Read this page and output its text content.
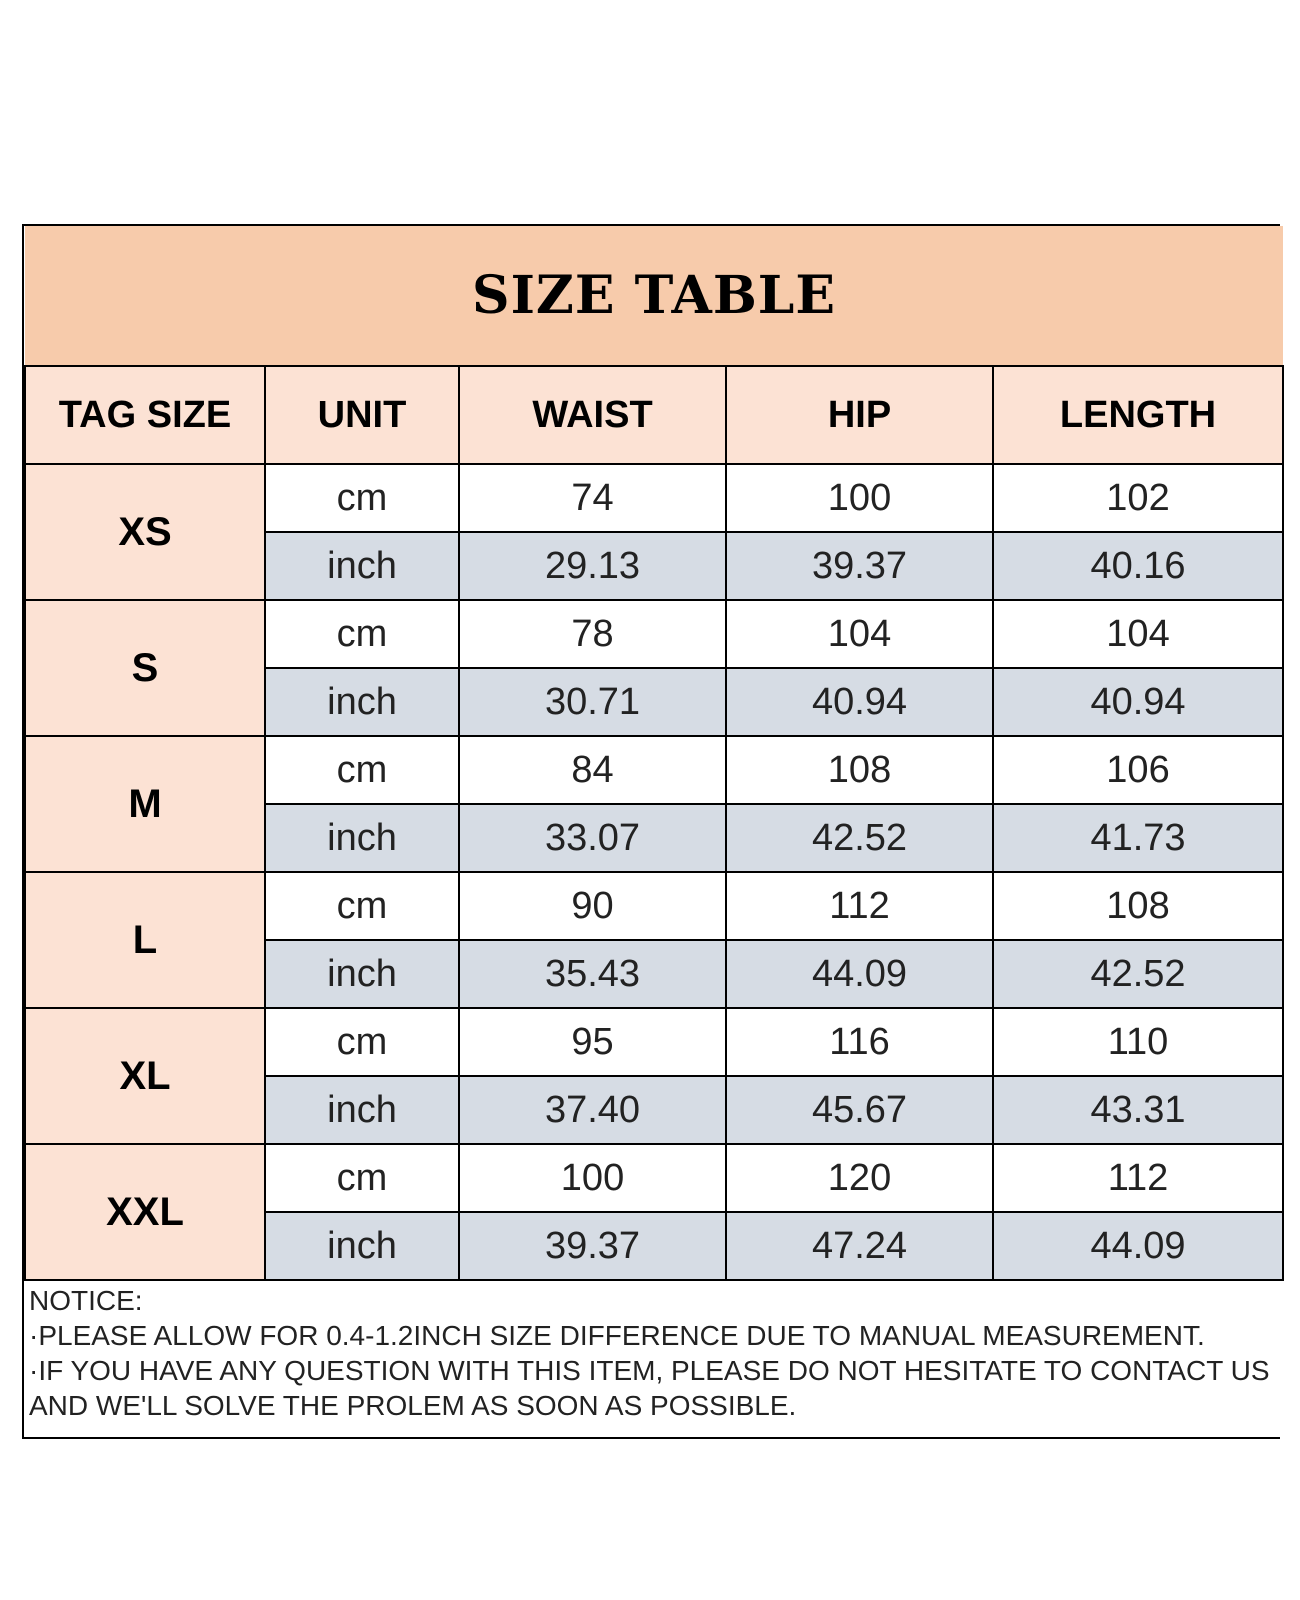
SIZE TABLE				
TAG SIZE	UNIT	WAIST	HIP	LENGTH
XS	cm	74	100	102
	inch	29.13	39.37	40.16
S	cm	78	104	104
	inch	30.71	40.94	40.94
M	cm	84	108	106
	inch	33.07	42.52	41.73
L	cm	90	112	108
	inch	35.43	44.09	42.52
XL	cm	95	116	110
	inch	37.40	45.67	43.31
XXL	cm	100	120	112
	inch	39.37	47.24	44.09

NOTICE:
·PLEASE ALLOW FOR 0.4-1.2INCH SIZE DIFFERENCE DUE TO MANUAL MEASUREMENT.
·IF YOU HAVE ANY QUESTION WITH THIS ITEM, PLEASE DO NOT HESITATE TO CONTACT US AND WE'LL SOLVE THE PROLEM AS SOON AS POSSIBLE.				
